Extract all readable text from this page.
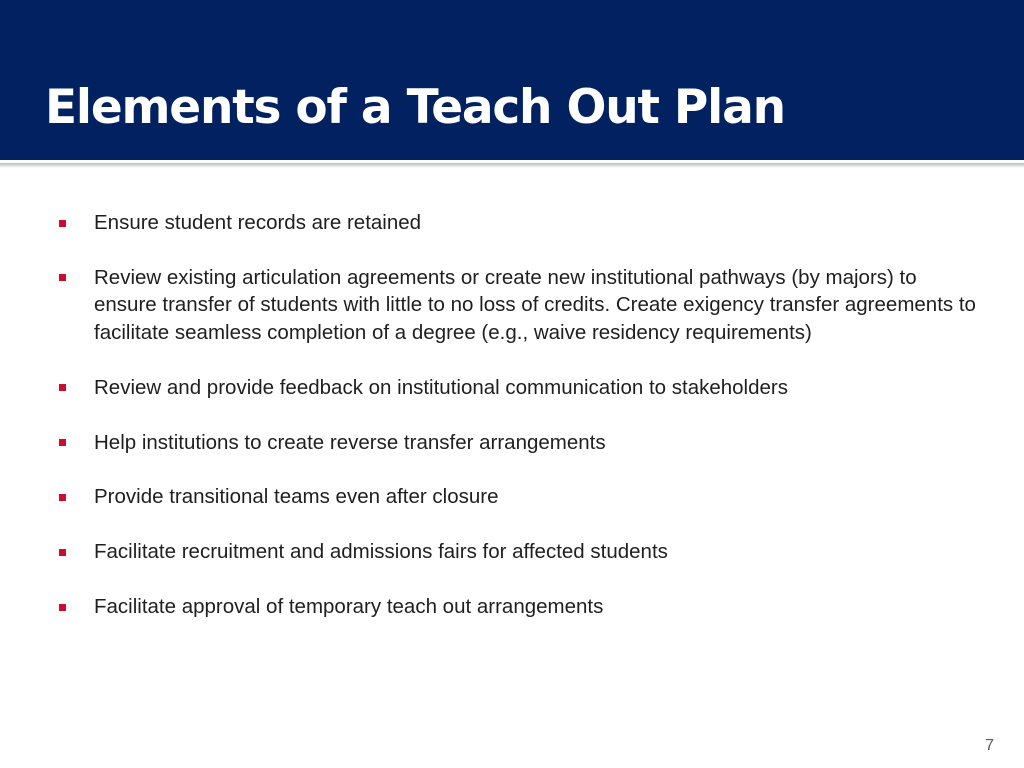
Elements of a Teach Out Plan
Ensure student records are retained
Review existing articulation agreements or create new institutional pathways (by majors) to ensure transfer of students with little to no loss of credits. Create exigency transfer agreements to facilitate seamless completion of a degree (e.g., waive residency requirements)
Review and provide feedback on institutional communication to stakeholders
Help institutions to create reverse transfer arrangements
Provide transitional teams even after closure
Facilitate recruitment and admissions fairs for affected students
Facilitate approval of temporary teach out arrangements
7
